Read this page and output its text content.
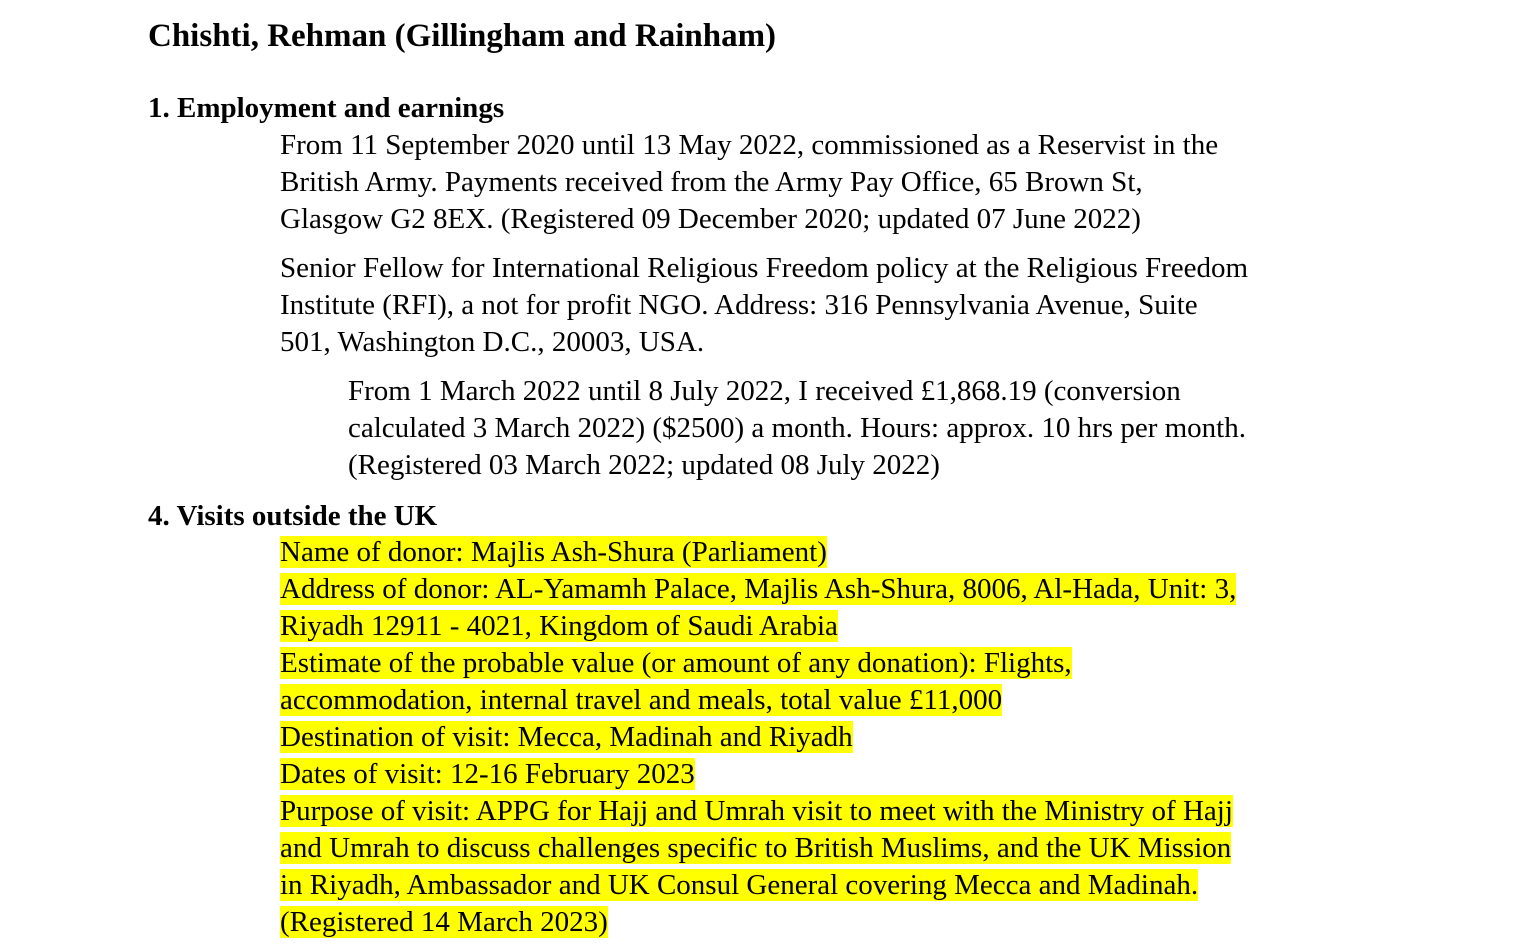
Chishti, Rehman (Gillingham and Rainham)
1. Employment and earnings
From 11 September 2020 until 13 May 2022, commissioned as a Reservist in the
British Army. Payments received from the Army Pay Office, 65 Brown St,
Glasgow G2 8EX. (Registered 09 December 2020; updated 07 June 2022)
Senior Fellow for International Religious Freedom policy at the Religious Freedom
Institute (RFI), a not for profit NGO. Address: 316 Pennsylvania Avenue, Suite
501, Washington D.C., 20003, USA.
From 1 March 2022 until 8 July 2022, I received £1,868.19 (conversion
calculated 3 March 2022) ($2500) a month. Hours: approx. 10 hrs per month.
(Registered 03 March 2022; updated 08 July 2022)
4. Visits outside the UK
Name of donor: Majlis Ash-Shura (Parliament)
Address of donor: AL-Yamamh Palace, Majlis Ash-Shura, 8006, Al-Hada, Unit: 3,
Riyadh 12911 - 4021, Kingdom of Saudi Arabia
Estimate of the probable value (or amount of any donation): Flights,
accommodation, internal travel and meals, total value £11,000
Destination of visit: Mecca, Madinah and Riyadh
Dates of visit: 12-16 February 2023
Purpose of visit: APPG for Hajj and Umrah visit to meet with the Ministry of Hajj
and Umrah to discuss challenges specific to British Muslims, and the UK Mission
in Riyadh, Ambassador and UK Consul General covering Mecca and Madinah.
(Registered 14 March 2023)
